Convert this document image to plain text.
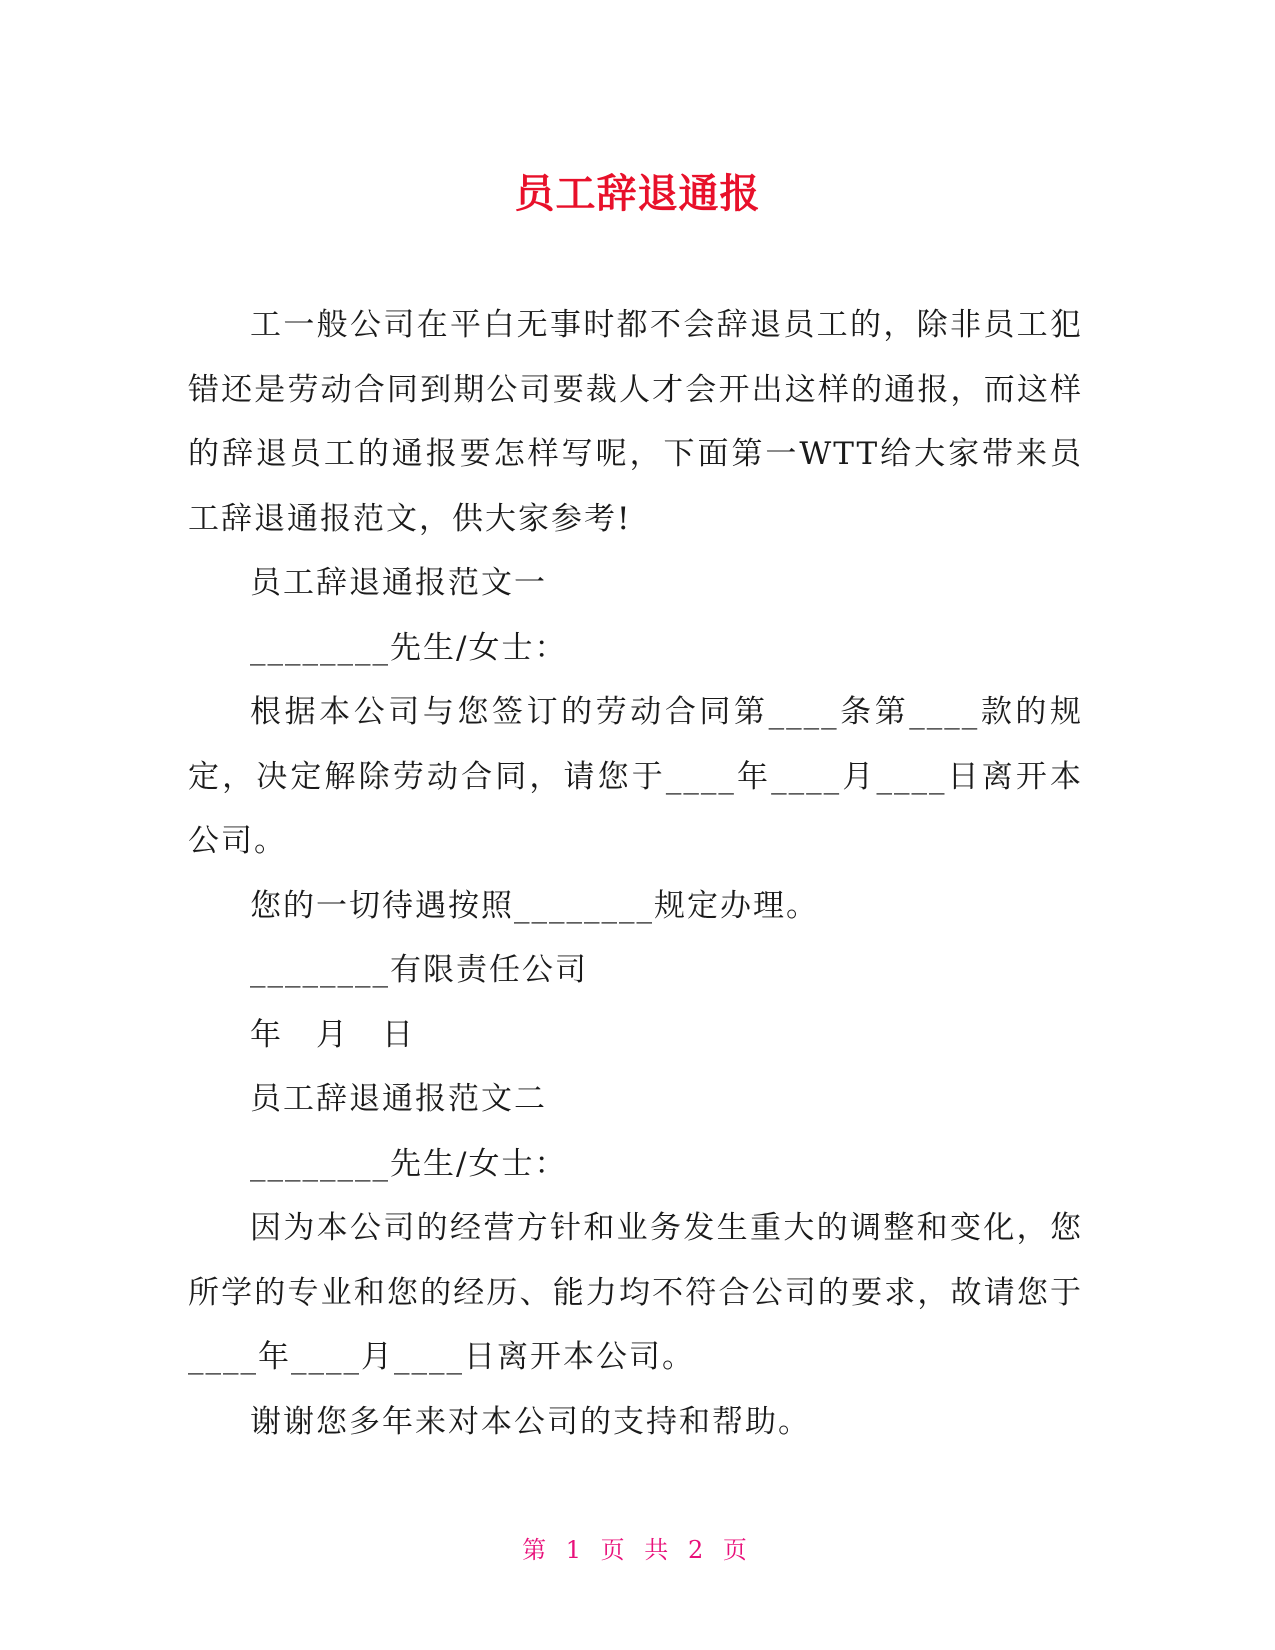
员工辞退通报

工一般公司在平白无事时都不会辞退员工的，除非员工犯错还是劳动合同到期公司要裁人才会开出这样的通报，而这样的辞退员工的通报要怎样写呢，下面第一WTT给大家带来员工辞退通报范文，供大家参考!

员工辞退通报范文一

________先生/女士：

根据本公司与您签订的劳动合同第____条第____款的规定，决定解除劳动合同，请您于____年____月____日离开本公司。

您的一切待遇按照________规定办理。

________有限责任公司

年　月　日

员工辞退通报范文二

________先生/女士：

因为本公司的经营方针和业务发生重大的调整和变化，您所学的专业和您的经历、能力均不符合公司的要求，故请您于____年____月____日离开本公司。

谢谢您多年来对本公司的支持和帮助。

第 1 页 共 2 页
